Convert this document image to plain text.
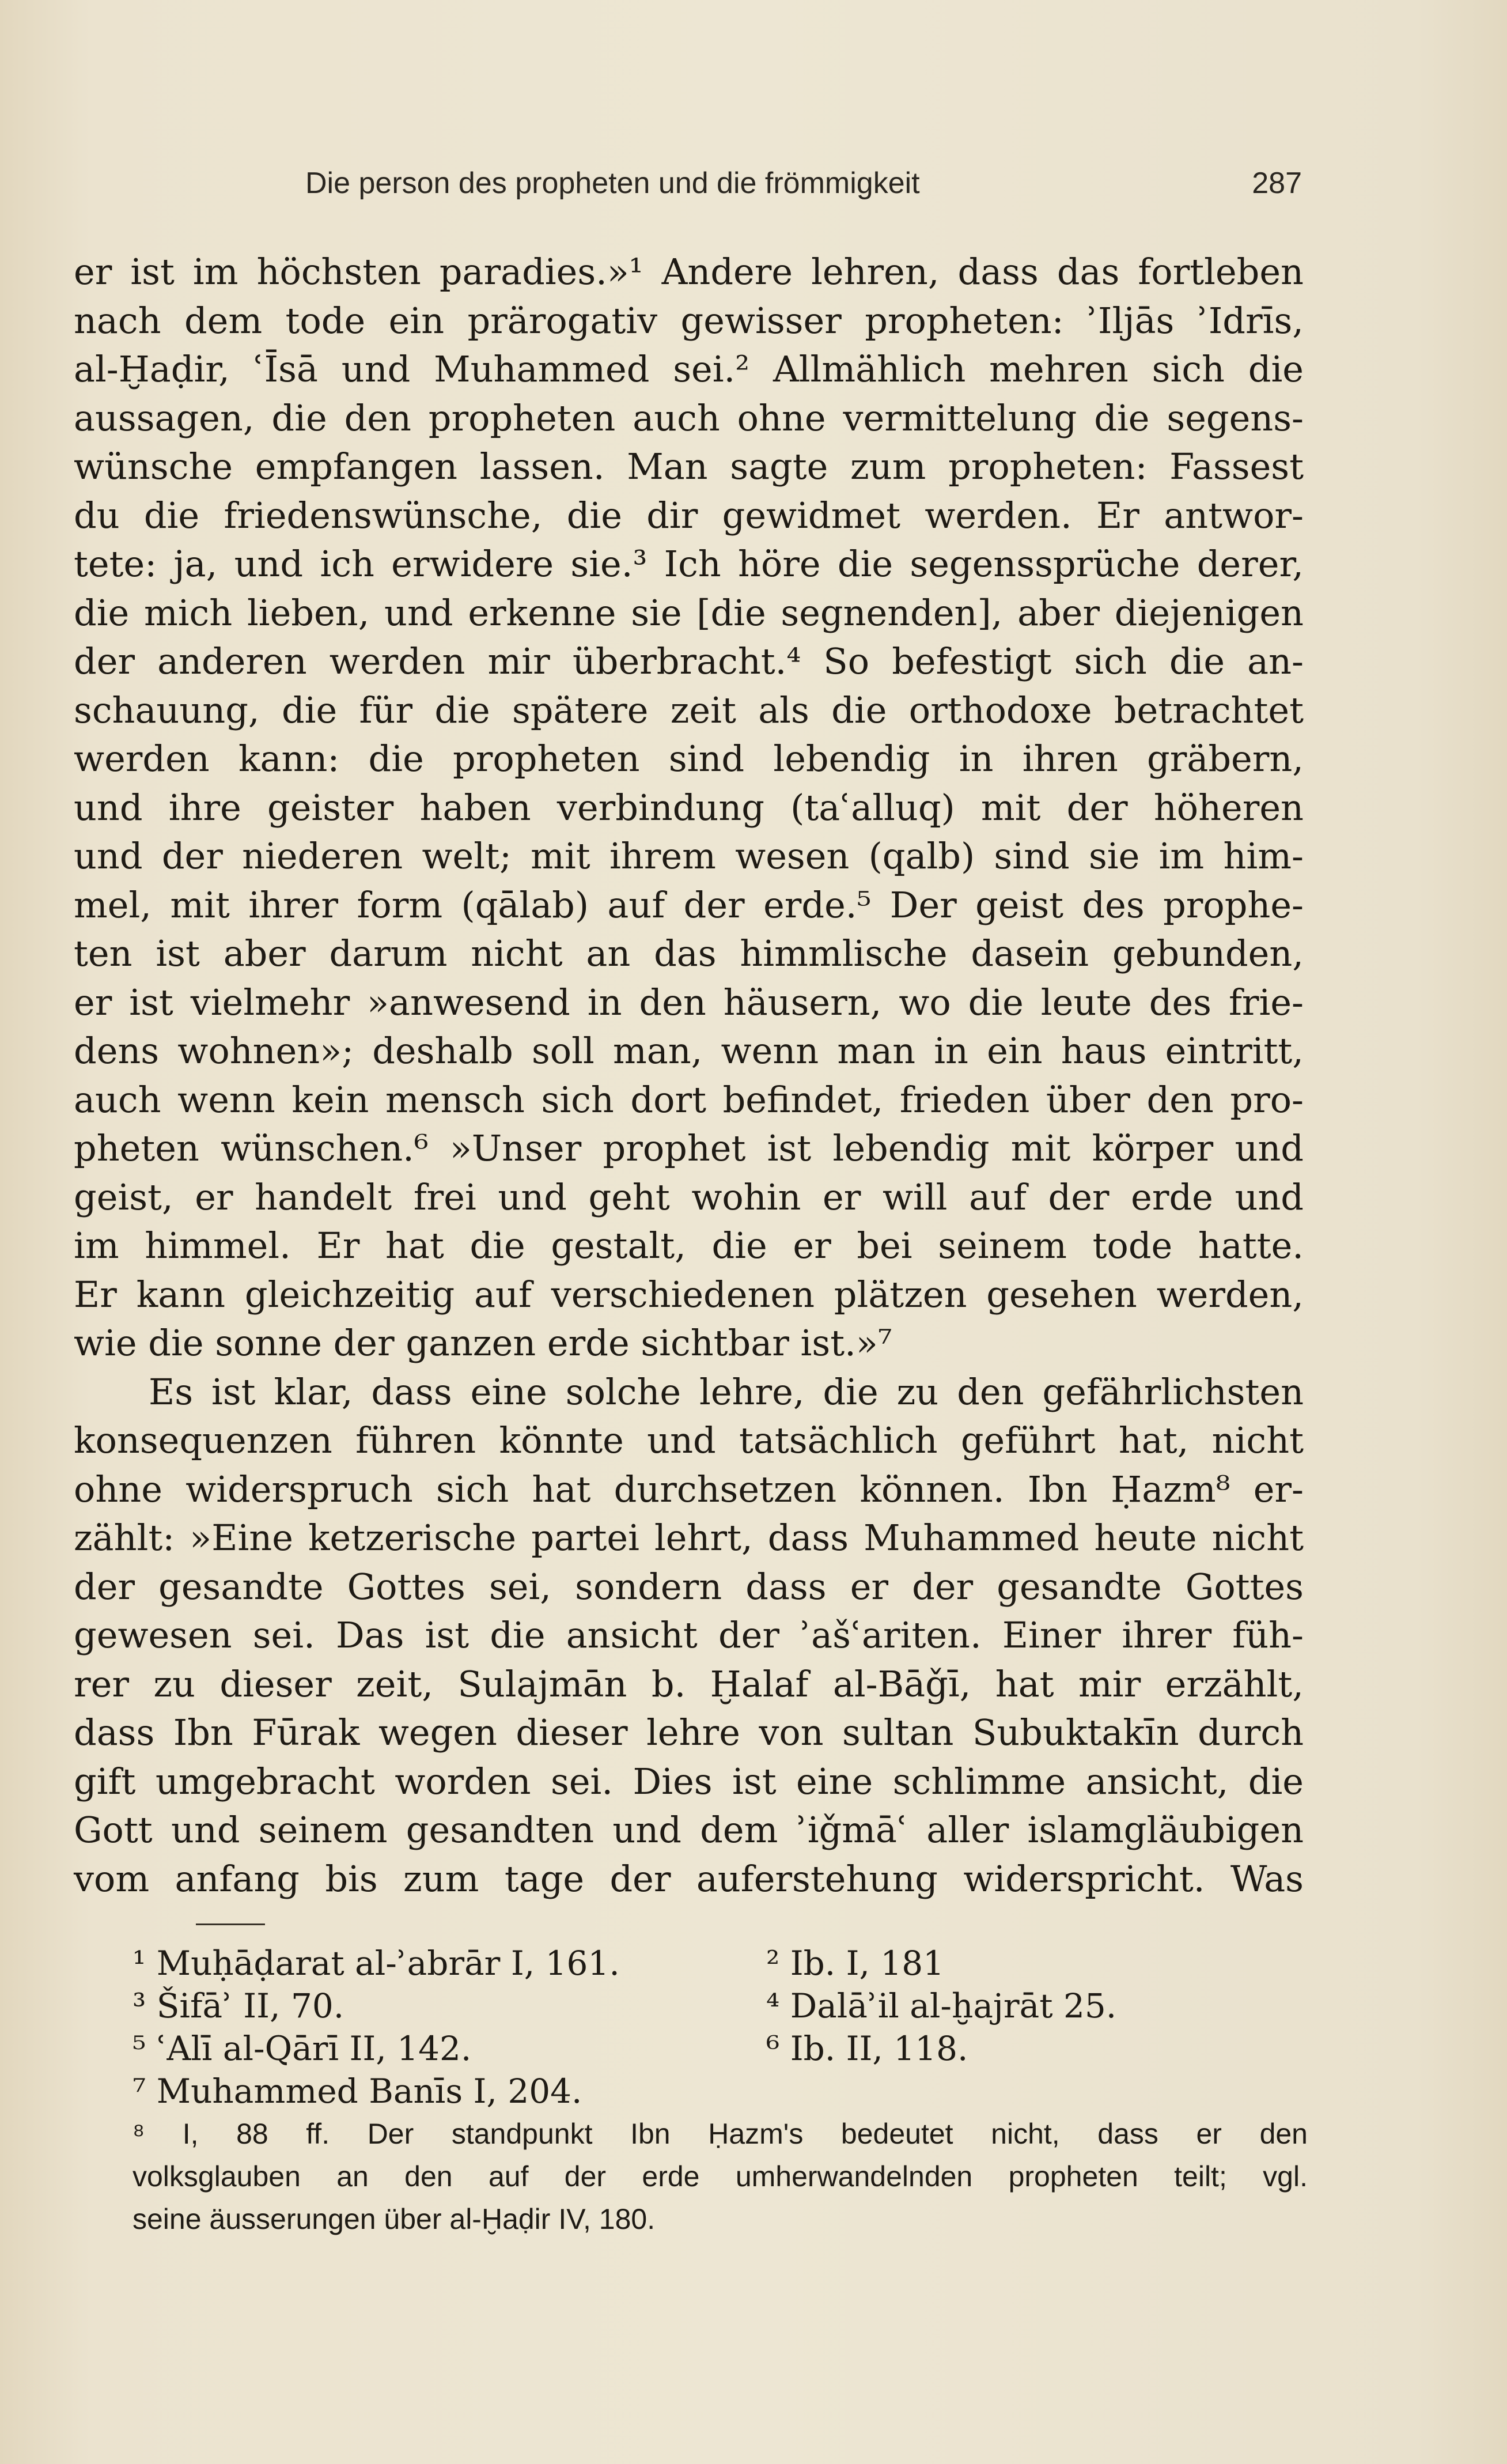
Die person des propheten und die frömmigkeit	287
er ist im höchsten paradies.»¹ Andere lehren, dass das fortleben
nach dem tode ein prärogativ gewisser propheten: ʾIljās ʾIdrīs,
al-Ḫaḍir, ʿĪsā und Muhammed sei.² Allmählich mehren sich die
aussagen, die den propheten auch ohne vermittelung die segens-
wünsche empfangen lassen. Man sagte zum propheten: Fassest
du die friedenswünsche, die dir gewidmet werden. Er antwor-
tete: ja, und ich erwidere sie.³ Ich höre die segenssprüche derer,
die mich lieben, und erkenne sie [die segnenden], aber diejenigen
der anderen werden mir überbracht.⁴ So befestigt sich die an-
schauung, die für die spätere zeit als die orthodoxe betrachtet
werden kann: die propheten sind lebendig in ihren gräbern,
und ihre geister haben verbindung (taʿalluq) mit der höheren
und der niederen welt; mit ihrem wesen (qalb) sind sie im him-
mel, mit ihrer form (qālab) auf der erde.⁵ Der geist des prophe-
ten ist aber darum nicht an das himmlische dasein gebunden,
er ist vielmehr »anwesend in den häusern, wo die leute des frie-
dens wohnen»; deshalb soll man, wenn man in ein haus eintritt,
auch wenn kein mensch sich dort befindet, frieden über den pro-
pheten wünschen.⁶ »Unser prophet ist lebendig mit körper und
geist, er handelt frei und geht wohin er will auf der erde und
im himmel. Er hat die gestalt, die er bei seinem tode hatte.
Er kann gleichzeitig auf verschiedenen plätzen gesehen werden,
wie die sonne der ganzen erde sichtbar ist.»⁷
Es ist klar, dass eine solche lehre, die zu den gefährlichsten
konsequenzen führen könnte und tatsächlich geführt hat, nicht
ohne widerspruch sich hat durchsetzen können. Ibn Ḥazm⁸ er-
zählt: »Eine ketzerische partei lehrt, dass Muhammed heute nicht
der gesandte Gottes sei, sondern dass er der gesandte Gottes
gewesen sei. Das ist die ansicht der ʾašʿariten. Einer ihrer füh-
rer zu dieser zeit, Sulajmān b. Ḫalaf al-Bāǧī, hat mir erzählt,
dass Ibn Fūrak wegen dieser lehre von sultan Subuktakīn durch
gift umgebracht worden sei. Dies ist eine schlimme ansicht, die
Gott und seinem gesandten und dem ʾiǧmāʿ aller islamgläubigen
vom anfang bis zum tage der auferstehung widerspricht. Was
¹ Muḥāḍarat al-ʾabrār I, 161.	² Ib. I, 181
³ Šifāʾ II, 70.	⁴ Dalāʾil al-ḫajrāt 25.
⁵ ʿAlī al-Qārī II, 142.	⁶ Ib. II, 118.
⁷ Muhammed Banīs I, 204.
⁸ I, 88 ff. Der standpunkt Ibn Ḥazm's bedeutet nicht, dass er den
volksglauben an den auf der erde umherwandelnden propheten teilt; vgl.
seine äusserungen über al-Ḫaḍir IV, 180.
